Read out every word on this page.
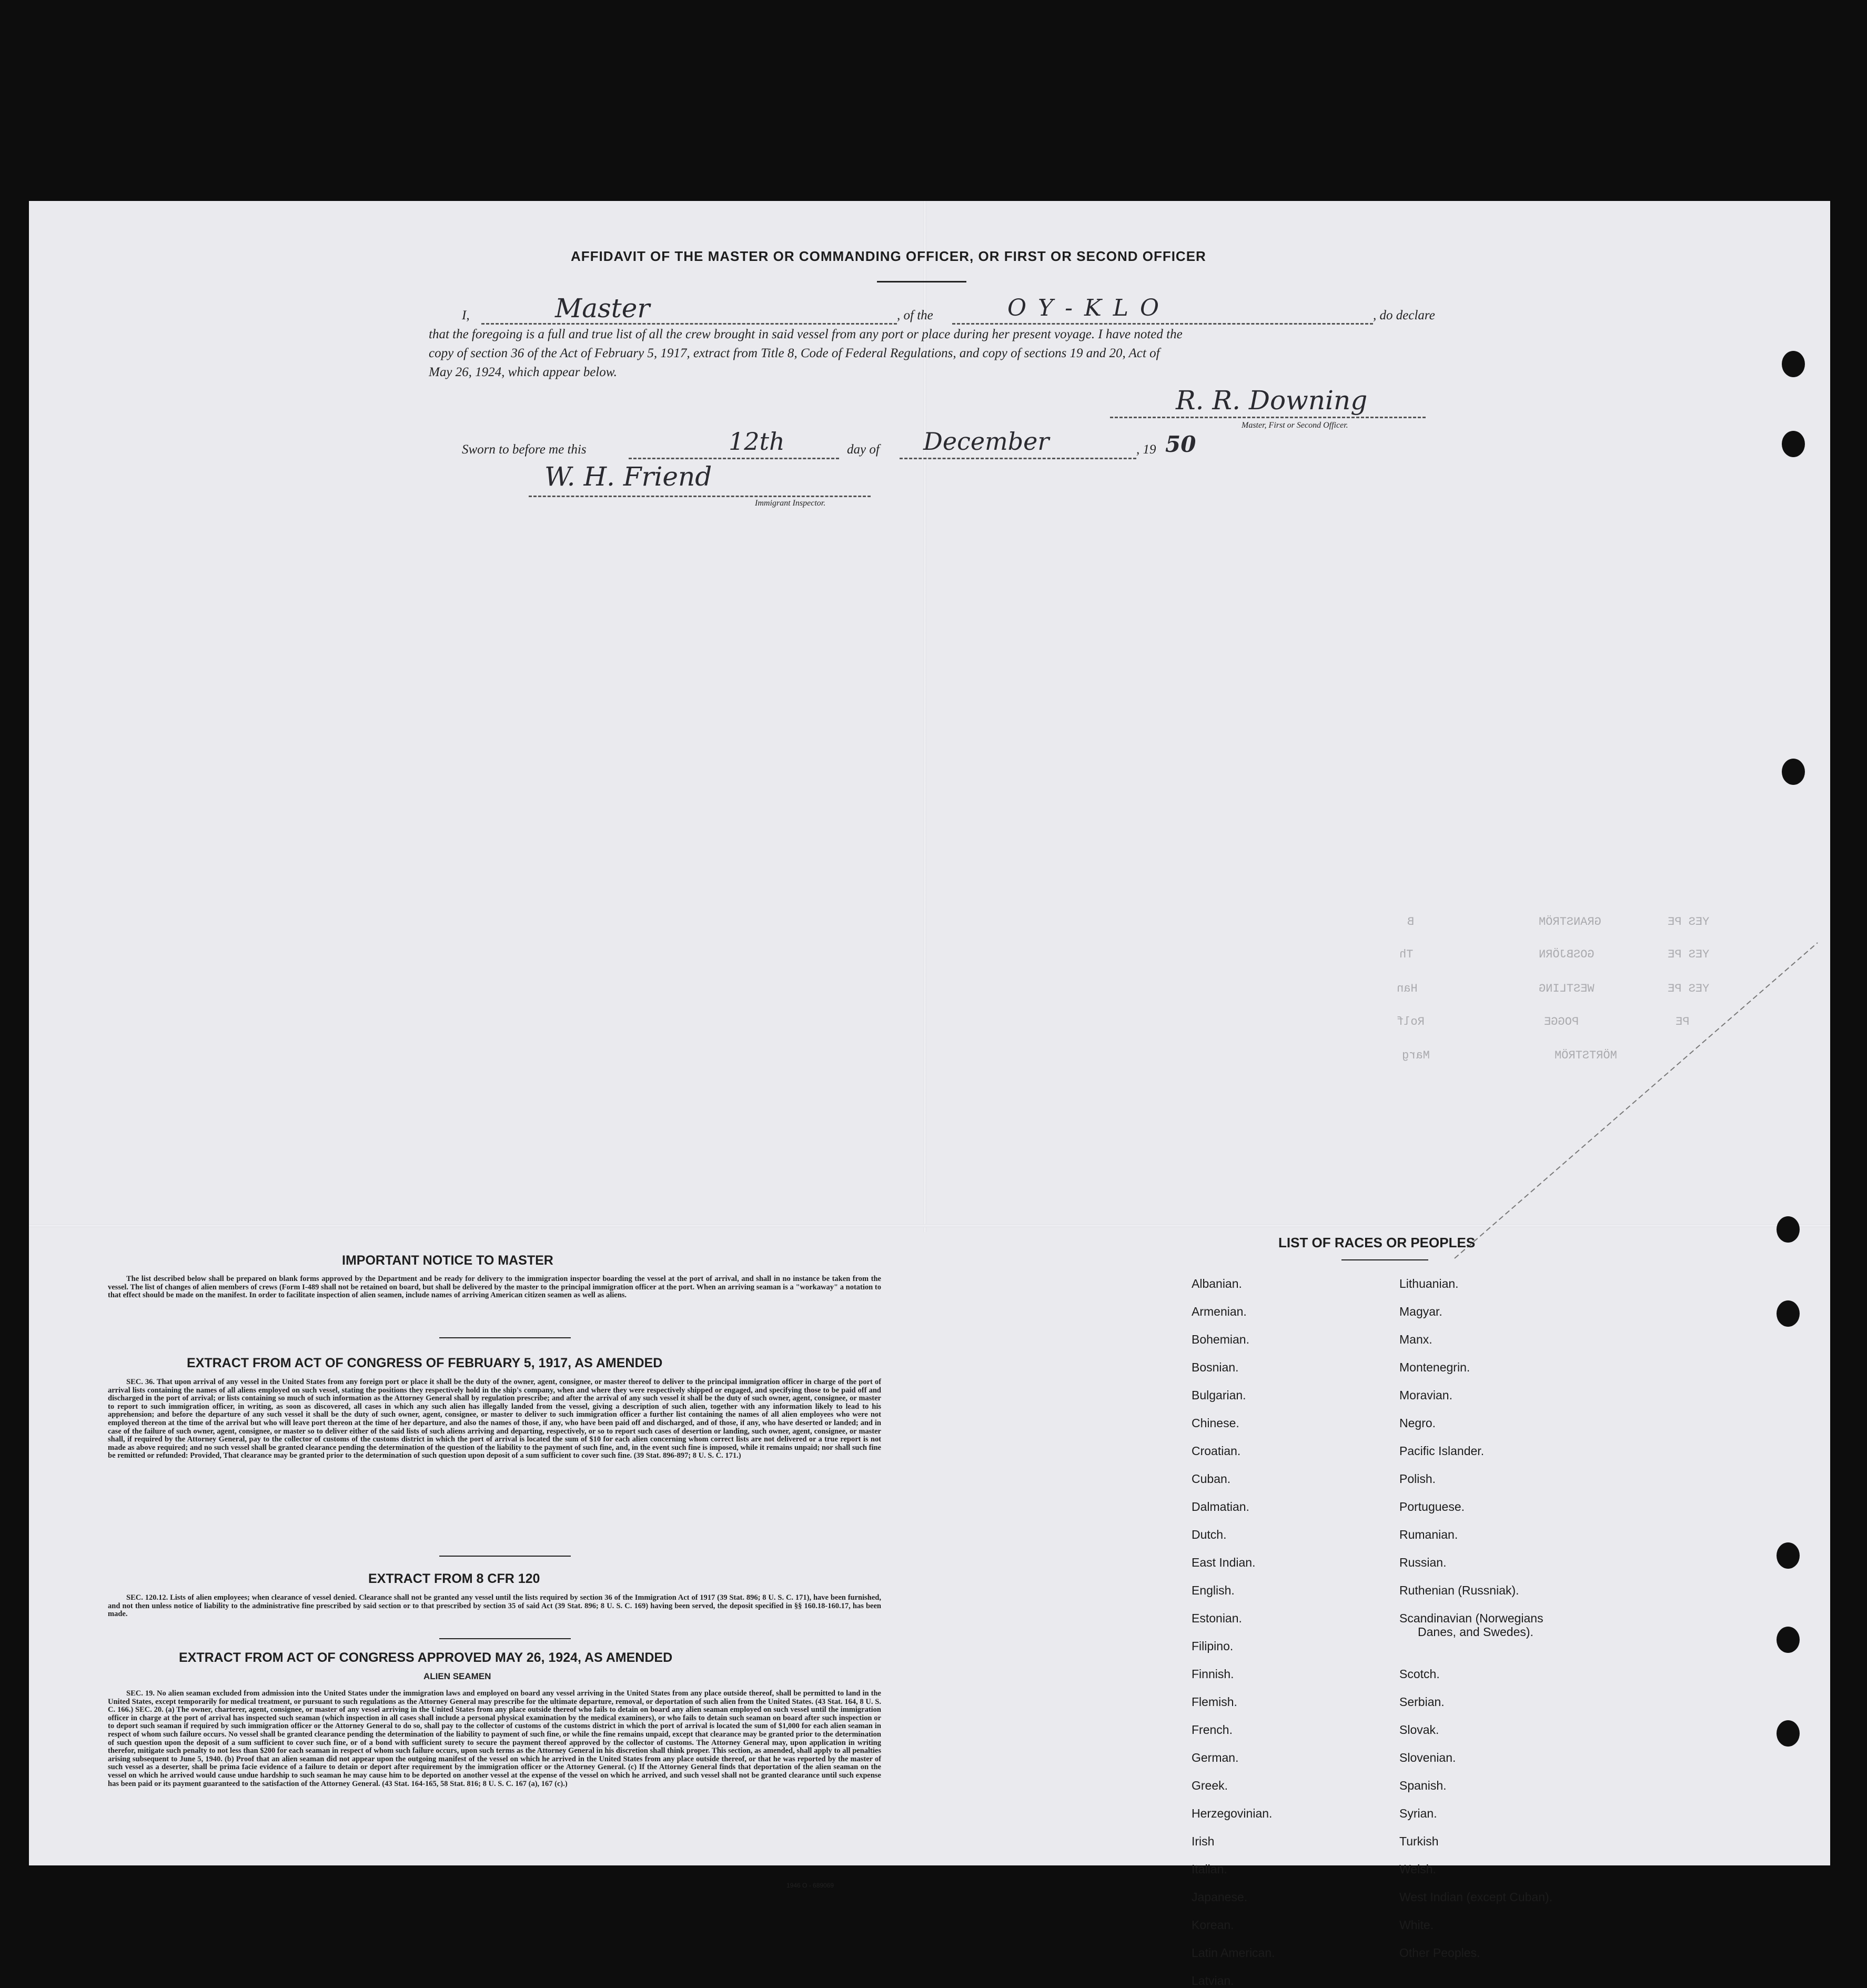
AFFIDAVIT OF THE MASTER OR COMMANDING OFFICER, OR FIRST OR SECOND OFFICER
I,	Master	, of the	O Y - K L O	, do declare
that the foregoing is a full and true list of all the crew brought in said vessel from any port or place during her present voyage. I have noted the
copy of section 36 of the Act of February 5, 1917, extract from Title 8, Code of Federal Regulations, and copy of sections 19 and 20, Act of
May 26, 1924, which appear below.
R. R. Downing
Master, First or Second Officer.
Sworn to before me this	12th	day of December	, 19 50
W. H. Friend
Immigrant Inspector.
B	GRANSTRÖM	YES PE
Th	GOSBJÖRN	YES PE
Han	WESTLING	YES PE
Rolf	POGGE	PE
Marg	MÖRTSTRÖM
IMPORTANT NOTICE TO MASTER
The list described below shall be prepared on blank forms approved by the Department and be ready for delivery to the immigration inspector boarding the vessel at the port of arrival, and shall in no instance be taken from the vessel. The list of changes of alien members of crews (Form I-489 shall not be retained on board, but shall be delivered by the master to the principal immigration officer at the port. When an arriving seaman is a "workaway" a notation to that effect should be made on the manifest. In order to facilitate inspection of alien seamen, include names of arriving American citizen seamen as well as aliens.
EXTRACT FROM ACT OF CONGRESS OF FEBRUARY 5, 1917, AS AMENDED
SEC. 36. That upon arrival of any vessel in the United States from any foreign port or place it shall be the duty of the owner, agent, consignee, or master thereof to deliver to the principal immigration officer in charge of the port of arrival lists containing the names of all aliens employed on such vessel, stating the positions they respectively hold in the ship's company, when and where they were respectively shipped or engaged, and specifying those to be paid off and discharged in the port of arrival; or lists containing so much of such information as the Attorney General shall by regulation prescribe; and after the arrival of any such vessel it shall be the duty of such owner, agent, consignee, or master to report to such immigration officer, in writing, as soon as discovered, all cases in which any such alien has illegally landed from the vessel, giving a description of such alien, together with any information likely to lead to his apprehension; and before the departure of any such vessel it shall be the duty of such owner, agent, consignee, or master to deliver to such immigration officer a further list containing the names of all alien employees who were not employed thereon at the time of the arrival but who will leave port thereon at the time of her departure, and also the names of those, if any, who have been paid off and discharged, and of those, if any, who have deserted or landed; and in case of the failure of such owner, agent, consignee, or master so to deliver either of the said lists of such aliens arriving and departing, respectively, or so to report such cases of desertion or landing, such owner, agent, consignee, or master shall, if required by the Attorney General, pay to the collector of customs of the customs district in which the port of arrival is located the sum of $10 for each alien concerning whom correct lists are not delivered or a true report is not made as above required; and no such vessel shall be granted clearance pending the determination of the question of the liability to the payment of such fine, and, in the event such fine is imposed, while it remains unpaid; nor shall such fine be remitted or refunded: Provided, That clearance may be granted prior to the determination of such question upon deposit of a sum sufficient to cover such fine. (39 Stat. 896-897; 8 U. S. C. 171.)
EXTRACT FROM 8 CFR 120
SEC. 120.12. Lists of alien employees; when clearance of vessel denied. Clearance shall not be granted any vessel until the lists required by section 36 of the Immigration Act of 1917 (39 Stat. 896; 8 U. S. C. 171), have been furnished, and not then unless notice of liability to the administrative fine prescribed by said section or to that prescribed by section 35 of said Act (39 Stat. 896; 8 U. S. C. 169) having been served, the deposit specified in §§ 160.18-160.17, has been made.
EXTRACT FROM ACT OF CONGRESS APPROVED MAY 26, 1924, AS AMENDED
ALIEN SEAMEN
SEC. 19. No alien seaman excluded from admission into the United States under the immigration laws and employed on board any vessel arriving in the United States from any place outside thereof, shall be permitted to land in the United States, except temporarily for medical treatment, or pursuant to such regulations as the Attorney General may prescribe for the ultimate departure, removal, or deportation of such alien from the United States. (43 Stat. 164, 8 U. S. C. 166.) SEC. 20. (a) The owner, charterer, agent, consignee, or master of any vessel arriving in the United States from any place outside thereof who fails to detain on board any alien seaman employed on such vessel until the immigration officer in charge at the port of arrival has inspected such seaman (which inspection in all cases shall include a personal physical examination by the medical examiners), or who fails to detain such seaman on board after such inspection or to deport such seaman if required by such immigration officer or the Attorney General to do so, shall pay to the collector of customs of the customs district in which the port of arrival is located the sum of $1,000 for each alien seaman in respect of whom such failure occurs. No vessel shall be granted clearance pending the determination of the liability to payment of such fine, or while the fine remains unpaid, except that clearance may be granted prior to the determination of such question upon the deposit of a sum sufficient to cover such fine, or of a bond with sufficient surety to secure the payment thereof approved by the collector of customs. The Attorney General may, upon application in writing therefor, mitigate such penalty to not less than $200 for each seaman in respect of whom such failure occurs, upon such terms as the Attorney General in his discretion shall think proper. This section, as amended, shall apply to all penalties arising subsequent to June 5, 1940. (b) Proof that an alien seaman did not appear upon the outgoing manifest of the vessel on which he arrived in the United States from any place outside thereof, or that he was reported by the master of such vessel as a deserter, shall be prima facie evidence of a failure to detain or deport after requirement by the immigration officer or the Attorney General. (c) If the Attorney General finds that deportation of the alien seaman on the vessel on which he arrived would cause undue hardship to such seaman he may cause him to be deported on another vessel at the expense of the vessel on which he arrived, and such vessel shall not be granted clearance until such expense has been paid or its payment guaranteed to the satisfaction of the Attorney General. (43 Stat. 164-165, 58 Stat. 816; 8 U. S. C. 167 (a), 167 (c).)
1946 O - 689069
LIST OF RACES OR PEOPLES
Albanian.
Armenian.
Bohemian.
Bosnian.
Bulgarian.
Chinese.
Croatian.
Cuban.
Dalmatian.
Dutch.
East Indian.
English.
Estonian.
Filipino.
Finnish.
Flemish.
French.
German.
Greek.
Herzegovinian.
Irish
Italian.
Japanese.
Korean.
Latin American.
Latvian.
Lithuanian.
Magyar.
Manx.
Montenegrin.
Moravian.
Negro.
Pacific Islander.
Polish.
Portuguese.
Rumanian.
Russian.
Ruthenian (Russniak).
Scandinavian (Norwegians
Danes, and Swedes).
Scotch.
Serbian.
Slovak.
Slovenian.
Spanish.
Syrian.
Turkish
Welsh.
West Indian (except Cuban).
White.
Other Peoples.
